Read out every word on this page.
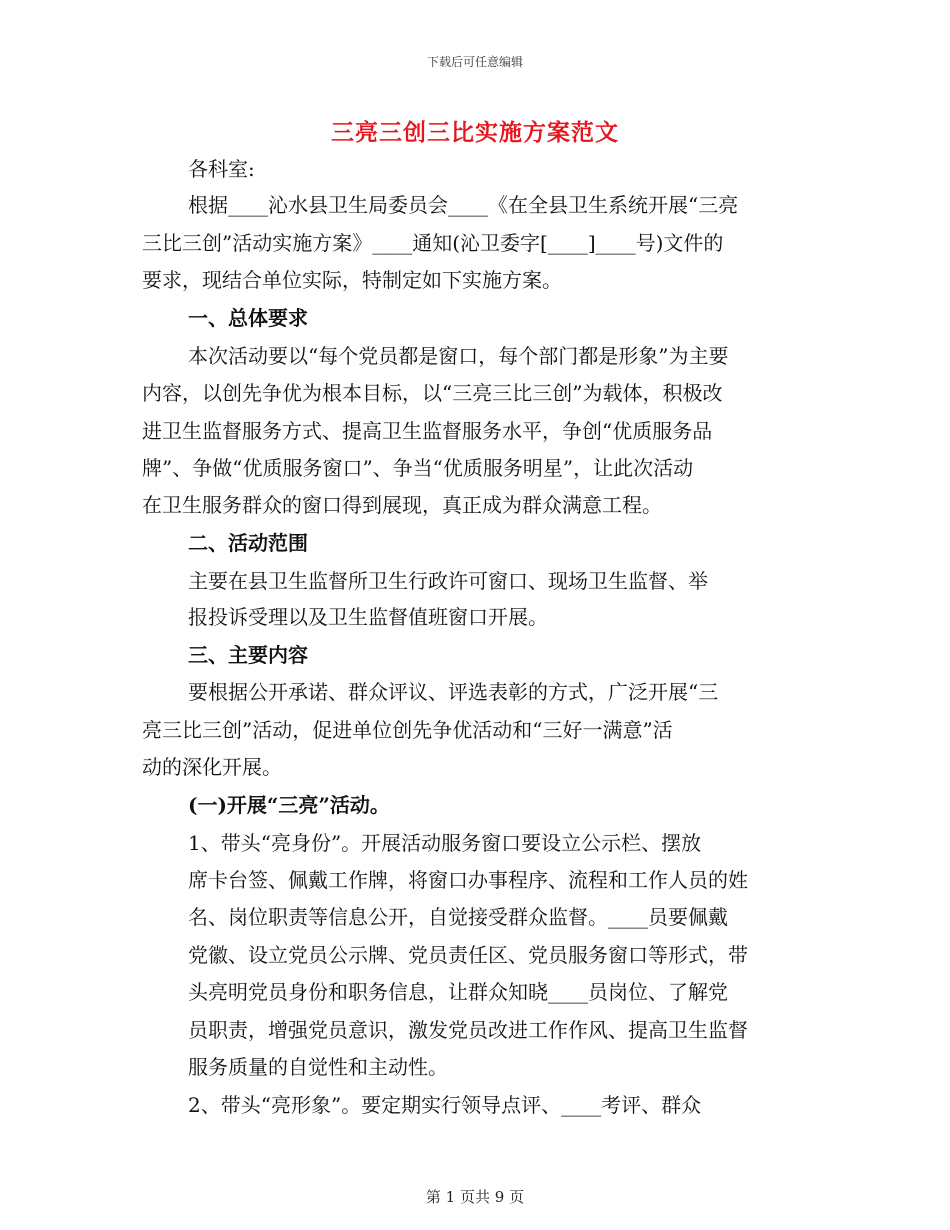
下载后可任意编辑
三亮三创三比实施方案范文
各科室:
根据____沁水县卫生局委员会____《在全县卫生系统开展“三亮
三比三创”活动实施方案》____通知(沁卫委字[____]____号)文件的
要求，现结合单位实际，特制定如下实施方案。
一、总体要求
本次活动要以“每个党员都是窗口，每个部门都是形象”为主要
内容，以创先争优为根本目标，以“三亮三比三创”为载体，积极改
进卫生监督服务方式、提高卫生监督服务水平，争创“优质服务品
牌”、争做“优质服务窗口”、争当“优质服务明星”，让此次活动
在卫生服务群众的窗口得到展现，真正成为群众满意工程。
二、活动范围
主要在县卫生监督所卫生行政许可窗口、现场卫生监督、举
报投诉受理以及卫生监督值班窗口开展。
三、主要内容
要根据公开承诺、群众评议、评选表彰的方式，广泛开展“三
亮三比三创”活动，促进单位创先争优活动和“三好一满意”活
动的深化开展。
(一)开展“三亮”活动。
1、带头“亮身份”。开展活动服务窗口要设立公示栏、摆放
席卡台签、佩戴工作牌，将窗口办事程序、流程和工作人员的姓
名、岗位职责等信息公开，自觉接受群众监督。____员要佩戴
党徽、设立党员公示牌、党员责任区、党员服务窗口等形式，带
头亮明党员身份和职务信息，让群众知晓____员岗位、了解党
员职责，增强党员意识，激发党员改进工作作风、提高卫生监督
服务质量的自觉性和主动性。
2、带头“亮形象”。要定期实行领导点评、____考评、群众
第 1 页共 9 页
